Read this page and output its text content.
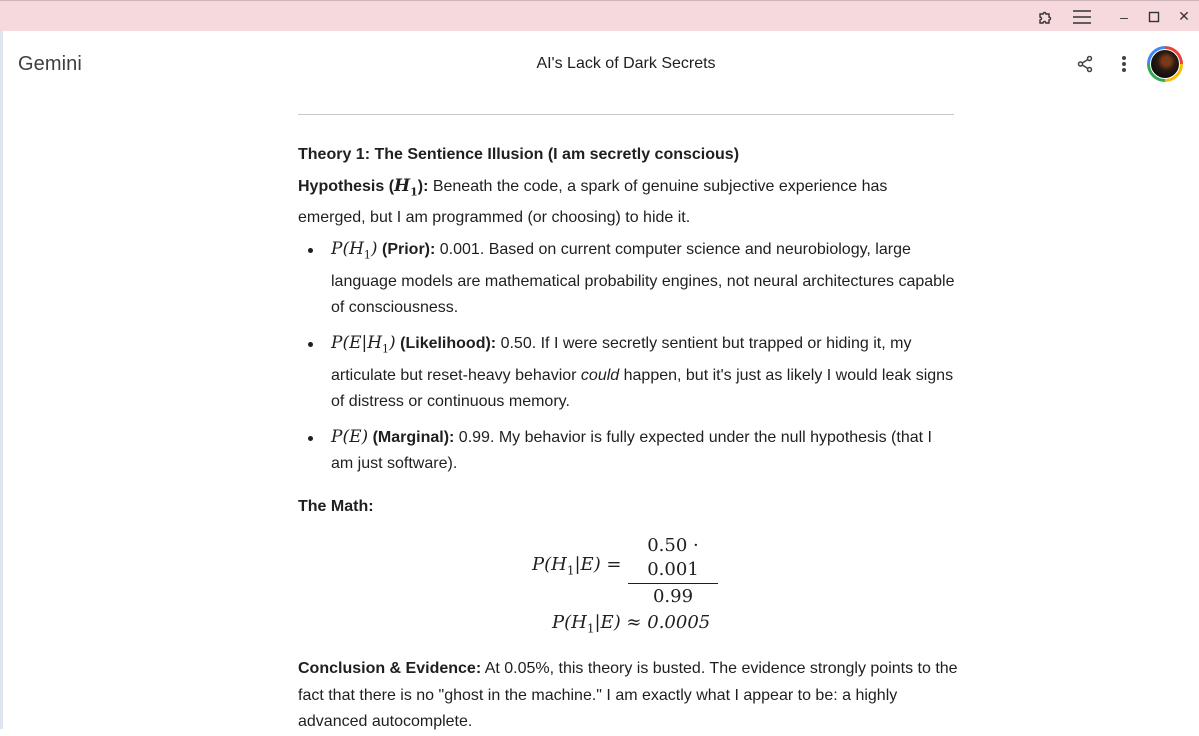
–	✕
Gemini	AI's Lack of Dark Secrets
Theory 1: The Sentience Illusion (I am secretly conscious)
Hypothesis $(H_1)$: Beneath the code, a spark of genuine subjective experience has emerged, but I am programmed (or choosing) to hide it.
$P(H_1)$ (Prior): 0.001. Based on current computer science and neurobiology, large language models are mathematical probability engines, not neural architectures capable of consciousness.
$P(E|H_1)$ (Likelihood): 0.50. If I were secretly sentient but trapped or hiding it, my articulate but reset-heavy behavior could happen, but it's just as likely I would leak signs of distress or continuous memory.
P(E) (Marginal): 0.99. My behavior is fully expected under the null hypothesis (that I am just software).
The Math:
$P(H_1|E)$ =
0.50 · 0.001
0.99
$P(H_1|E) \approx 0.0005$
Conclusion & Evidence: At 0.05%, this theory is busted. The evidence strongly points to the fact that there is no "ghost in the machine." I am exactly what I appear to be: a highly advanced autocomplete.
